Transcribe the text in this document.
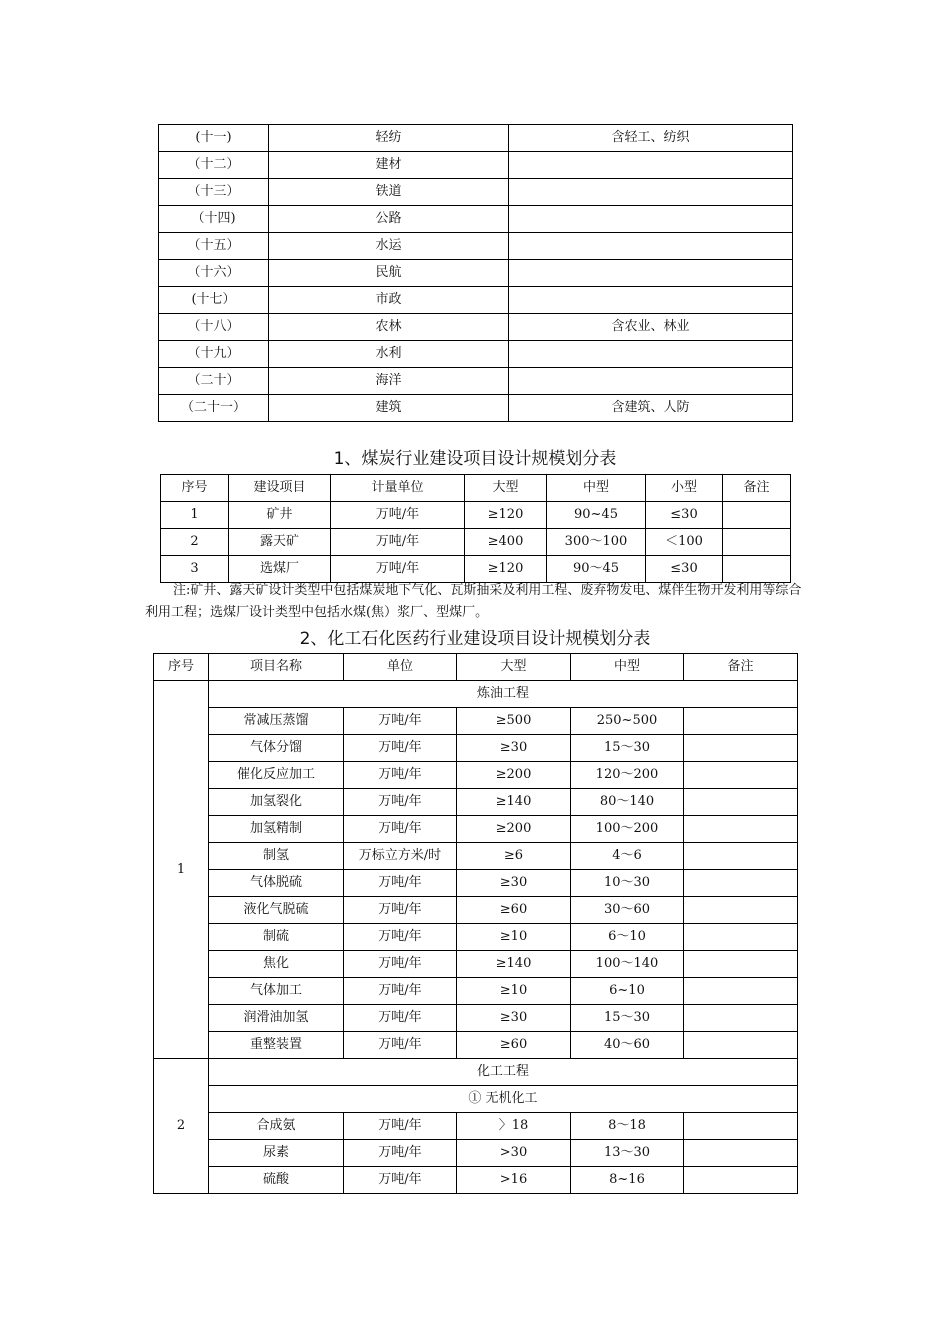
(十一)	轻纺	含轻工、纺织
（十二）	建材	
（十三）	铁道	
（十四)	公路	
（十五）	水运	
（十六）	民航	
(十七）	市政	
（十八）	农林	含农业、林业
（十九）	水利	
（二十）	海洋	
（二十一）	建筑	含建筑、人防
1、煤炭行业建设项目设计规模划分表
序号	建设项目	计量单位	大型	中型	小型	备注
1	矿井	万吨/年	≥120	90~45	≤30	
2	露天矿	万吨/年	≥400	300～100	＜100	
3	选煤厂	万吨/年	≥120	90～45	≤30	
注:矿井、露天矿设计类型中包括煤炭地下气化、瓦斯抽采及利用工程、废弃物发电、煤伴生物开发利用等综合利用工程；选煤厂设计类型中包括水煤(焦）浆厂、型煤厂。
2、化工石化医药行业建设项目设计规模划分表
序号	项目名称	单位	大型	中型	备注
1	炼油工程				
	常减压蒸馏	万吨/年	≥500	250~500	
	气体分馏	万吨/年	≥30	15～30	
	催化反应加工	万吨/年	≥200	120～200	
	加氢裂化	万吨/年	≥140	80～140	
	加氢精制	万吨/年	≥200	100～200	
	制氢	万标立方米/时	≥6	4～6	
	气体脱硫	万吨/年	≥30	10～30	
	液化气脱硫	万吨/年	≥60	30～60	
	制硫	万吨/年	≥10	6～10	
	焦化	万吨/年	≥140	100～140	
	气体加工	万吨/年	≥10	6~10	
	润滑油加氢	万吨/年	≥30	15～30	
	重整装置	万吨/年	≥60	40～60	
2	化工工程				
	① 无机化工				
	合成氨	万吨/年	〉18	8～18	
	尿素	万吨/年	>30	13～30	
	硫酸	万吨/年	>16	8~16	
